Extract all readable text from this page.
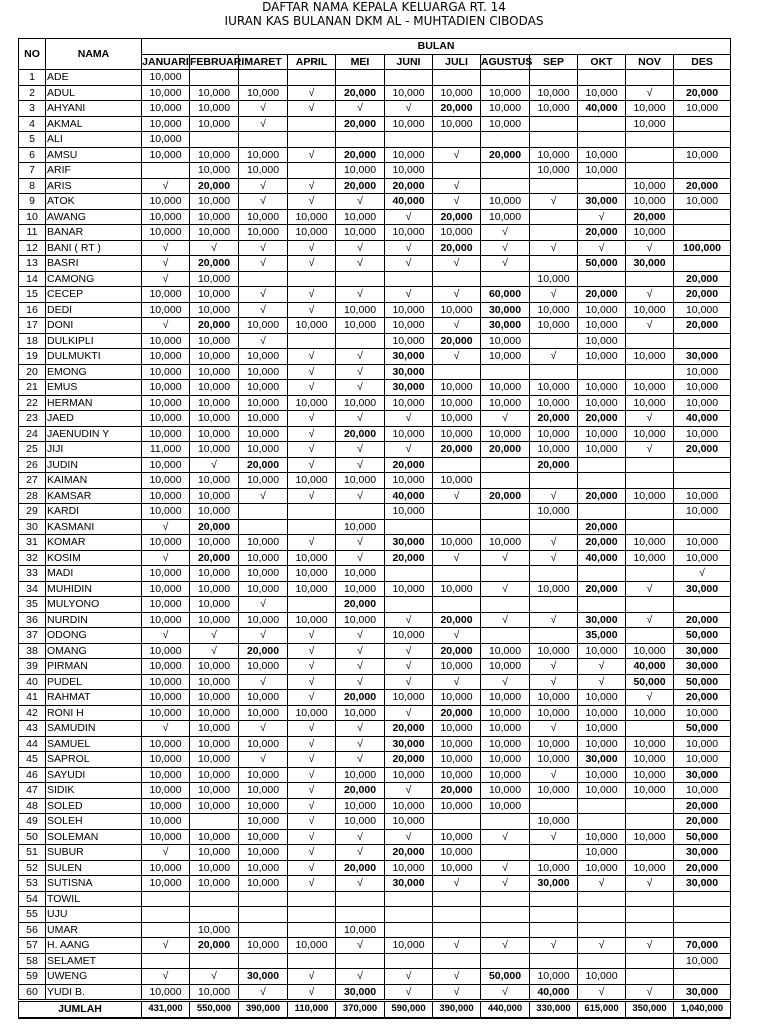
DAFTAR NAMA KEPALA KELUARGA RT. 14
IURAN KAS BULANAN DKM AL - MUHTADIEN CIBODAS
NO	NAMA	BULAN											
		JANUARI	FEBRUARI	MARET	APRIL	MEI	JUNI	JULI	AGUSTUS	SEP	OKT	NOV	DES
1	ADE	10,000											
2	ADUL	10,000	10,000	10,000	√	20,000	10,000	10,000	10,000	10,000	10,000	√	20,000
3	AHYANI	10,000	10,000	√	√	√	√	20,000	10,000	10,000	40,000	10,000	10,000
4	AKMAL	10,000	10,000	√		20,000	10,000	10,000	10,000			10,000	
5	ALI	10,000											
6	AMSU	10,000	10,000	10,000	√	20,000	10,000	√	20,000	10,000	10,000		10,000
7	ARIF		10,000	10,000		10,000	10,000			10,000	10,000		
8	ARIS	√	20,000	√	√	20,000	20,000	√				10,000	20,000
9	ATOK	10,000	10,000	√	√	√	40,000	√	10,000	√	30,000	10,000	10,000
10	AWANG	10,000	10,000	10,000	10,000	10,000	√	20,000	10,000		√	20,000	
11	BANAR	10,000	10,000	10,000	10,000	10,000	10,000	10,000	√		20,000	10,000	
12	BANI ( RT )	√	√	√	√	√	√	20,000	√	√	√	√	100,000
13	BASRI	√	20,000	√	√	√	√	√	√		50,000	30,000	
14	CAMONG	√	10,000							10,000			20,000
15	CECEP	10,000	10,000	√	√	√	√	√	60,000	√	20,000	√	20,000
16	DEDI	10,000	10,000	√	√	10,000	10,000	10,000	30,000	10,000	10,000	10,000	10,000
17	DONI	√	20,000	10,000	10,000	10,000	10,000	√	30,000	10,000	10,000	√	20,000
18	DULKIPLI	10,000	10,000	√			10,000	20,000	10,000		10,000		
19	DULMUKTI	10,000	10,000	10,000	√	√	30,000	√	10,000	√	10,000	10,000	30,000
20	EMONG	10,000	10,000	10,000	√	√	30,000						10,000
21	EMUS	10,000	10,000	10,000	√	√	30,000	10,000	10,000	10,000	10,000	10,000	10,000
22	HERMAN	10,000	10,000	10,000	10,000	10,000	10,000	10,000	10,000	10,000	10,000	10,000	10,000
23	JAED	10,000	10,000	10,000	√	√	√	10,000	√	20,000	20,000	√	40,000
24	JAENUDIN Y	10,000	10,000	10,000	√	20,000	10,000	10,000	10,000	10,000	10,000	10,000	10,000
25	JIJI	11,000	10,000	10,000	√	√	√	20,000	20,000	10,000	10,000	√	20,000
26	JUDIN	10,000	√	20,000	√	√	20,000			20,000			
27	KAIMAN	10,000	10,000	10,000	10,000	10,000	10,000	10,000					
28	KAMSAR	10,000	10,000	√	√	√	40,000	√	20,000	√	20,000	10,000	10,000
29	KARDI	10,000	10,000				10,000			10,000			10,000
30	KASMANI	√	20,000			10,000					20,000		
31	KOMAR	10,000	10,000	10,000	√	√	30,000	10,000	10,000	√	20,000	10,000	10,000
32	KOSIM	√	20,000	10,000	10,000	√	20,000	√	√	√	40,000	10,000	10,000
33	MADI	10,000	10,000	10,000	10,000	10,000							√
34	MUHIDIN	10,000	10,000	10,000	10,000	10,000	10,000	10,000	√	10,000	20,000	√	30,000
35	MULYONO	10,000	10,000	√		20,000							
36	NURDIN	10,000	10,000	10,000	10,000	10,000	√	20,000	√	√	30,000	√	20,000
37	ODONG	√	√	√	√	√	10,000	√			35,000		50,000
38	OMANG	10,000	√	20,000	√	√	√	20,000	10,000	10,000	10,000	10,000	30,000
39	PIRMAN	10,000	10,000	10,000	√	√	√	10,000	10,000	√	√	40,000	30,000
40	PUDEL	10,000	10,000	√	√	√	√	√	√	√	√	50,000	50,000
41	RAHMAT	10,000	10,000	10,000	√	20,000	10,000	10,000	10,000	10,000	10,000	√	20,000
42	RONI H	10,000	10,000	10,000	10,000	10,000	√	20,000	10,000	10,000	10,000	10,000	10,000
43	SAMUDIN	√	10,000	√	√	√	20,000	10,000	10,000	√	10,000		50,000
44	SAMUEL	10,000	10,000	10,000	√	√	30,000	10,000	10,000	10,000	10,000	10,000	10,000
45	SAPROL	10,000	10,000	√	√	√	20,000	10,000	10,000	10,000	30,000	10,000	10,000
46	SAYUDI	10,000	10,000	10,000	√	10,000	10,000	10,000	10,000	√	10,000	10,000	30,000
47	SIDIK	10,000	10,000	10,000	√	20,000	√	20,000	10,000	10,000	10,000	10,000	10,000
48	SOLED	10,000	10,000	10,000	√	10,000	10,000	10,000	10,000				20,000
49	SOLEH	10,000		10,000	√	10,000	10,000			10,000			20,000
50	SOLEMAN	10,000	10,000	10,000	√	√	√	10,000	√	√	10,000	10,000	50,000
51	SUBUR	√	10,000	10,000	√	√	20,000	10,000			10,000		30,000
52	SULEN	10,000	10,000	10,000	√	20,000	10,000	10,000	√	10,000	10,000	10,000	20,000
53	SUTISNA	10,000	10,000	10,000	√	√	30,000	√	√	30,000	√	√	30,000
54	TOWIL												
55	UJU												
56	UMAR		10,000			10,000							
57	H. AANG	√	20,000	10,000	10,000	√	10,000	√	√	√	√	√	70,000
58	SELAMET												10,000
59	UWENG	√	√	30,000	√	√	√	√	50,000	10,000	10,000		
60	YUDI B.	10,000	10,000	√	√	30,000	√	√	√	40,000	√	√	30,000
JUMLAH		431,000	550,000	390,000	110,000	370,000	590,000	390,000	440,000	330,000	615,000	350,000	1,040,000
